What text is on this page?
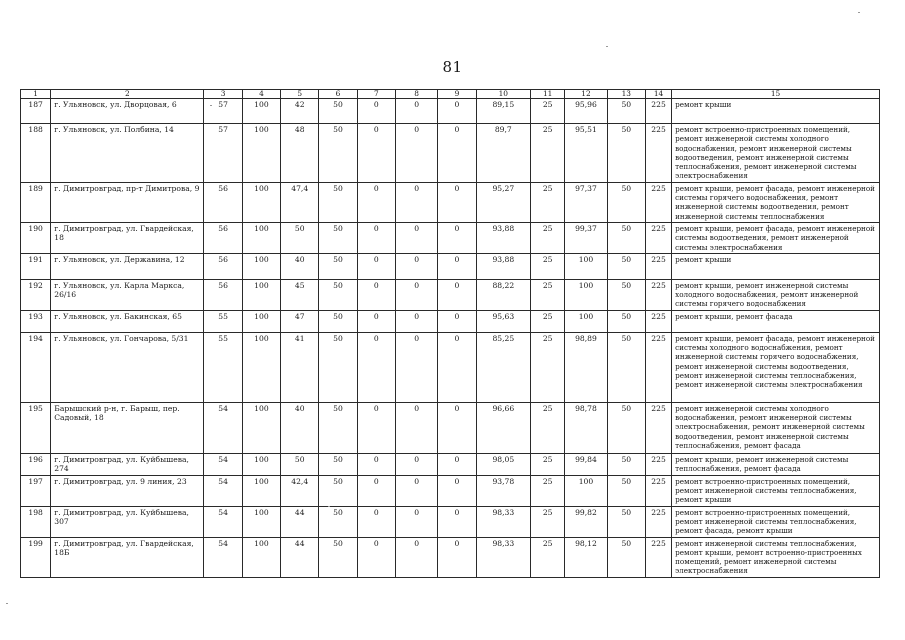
81
1	2	3	4	5	6	7	8	9	10	11	12	13	14	15
187	г. Ульяновск, ул. Дворцовая, 6	57	100	42	50	0	0	0	89,15	25	95,96	50	225	ремонт крыши
188	г. Ульяновск, ул. Полбина, 14	57	100	48	50	0	0	0	89,7	25	95,51	50	225	ремонт встроенно-пристроенных помещений, ремонт инженерной системы холодного водоснабжения, ремонт инженерной системы водоотведения, ремонт инженерной системы теплоснабжения, ремонт инженерной системы электроснабжения
189	г. Димитровград, пр-т Димитрова, 9	56	100	47,4	50	0	0	0	95,27	25	97,37	50	225	ремонт крыши, ремонт фасада, ремонт инженерной системы горячего водоснабжения, ремонт инженерной системы водоотведения, ремонт инженерной системы теплоснабжения
190	г. Димитровград, ул. Гвардейская, 18	56	100	50	50	0	0	0	93,88	25	99,37	50	225	ремонт крыши, ремонт фасада, ремонт инженерной системы водоотведения, ремонт инженерной системы электроснабжения
191	г. Ульяновск, ул. Державина, 12	56	100	40	50	0	0	0	93,88	25	100	50	225	ремонт крыши
192	г. Ульяновск, ул. Карла Маркса, 26/16	56	100	45	50	0	0	0	88,22	25	100	50	225	ремонт крыши, ремонт инженерной системы холодного водоснабжения, ремонт инженерной системы горячего водоснабжения
193	г. Ульяновск, ул. Бакинская, 65	55	100	47	50	0	0	0	95,63	25	100	50	225	ремонт крыши, ремонт фасада
194	г. Ульяновск, ул. Гончарова, 5/31	55	100	41	50	0	0	0	85,25	25	98,89	50	225	ремонт крыши, ремонт фасада, ремонт инженерной системы холодного водоснабжения, ремонт инженерной системы горячего водоснабжения, ремонт инженерной системы водоотведения, ремонт инженерной системы теплоснабжения, ремонт инженерной системы электроснабжения
195	Барышский р-н, г. Барыш, пер. Садовый, 18	54	100	40	50	0	0	0	96,66	25	98,78	50	225	ремонт инженерной системы холодного водоснабжения, ремонт инженерной системы электроснабжения, ремонт инженерной системы водоотведения, ремонт инженерной системы теплоснабжения, ремонт фасада
196	г. Димитровград, ул. Куйбышева, 274	54	100	50	50	0	0	0	98,05	25	99,84	50	225	ремонт крыши, ремонт инженерной системы теплоснабжения, ремонт фасада
197	г. Димитровград, ул. 9 линия, 23	54	100	42,4	50	0	0	0	93,78	25	100	50	225	ремонт встроенно-пристроенных помещений, ремонт инженерной системы теплоснабжения, ремонт крыши
198	г. Димитровград, ул. Куйбышева, 307	54	100	44	50	0	0	0	98,33	25	99,82	50	225	ремонт встроенно-пристроенных помещений, ремонт инженерной системы теплоснабжения, ремонт фасада, ремонт крыши
199	г. Димитровград, ул. Гвардейская, 18Б	54	100	44	50	0	0	0	98,33	25	98,12	50	225	ремонт инженерной системы теплоснабжения, ремонт крыши, ремонт встроенно-пристроенных помещений, ремонт инженерной системы электроснабжения
